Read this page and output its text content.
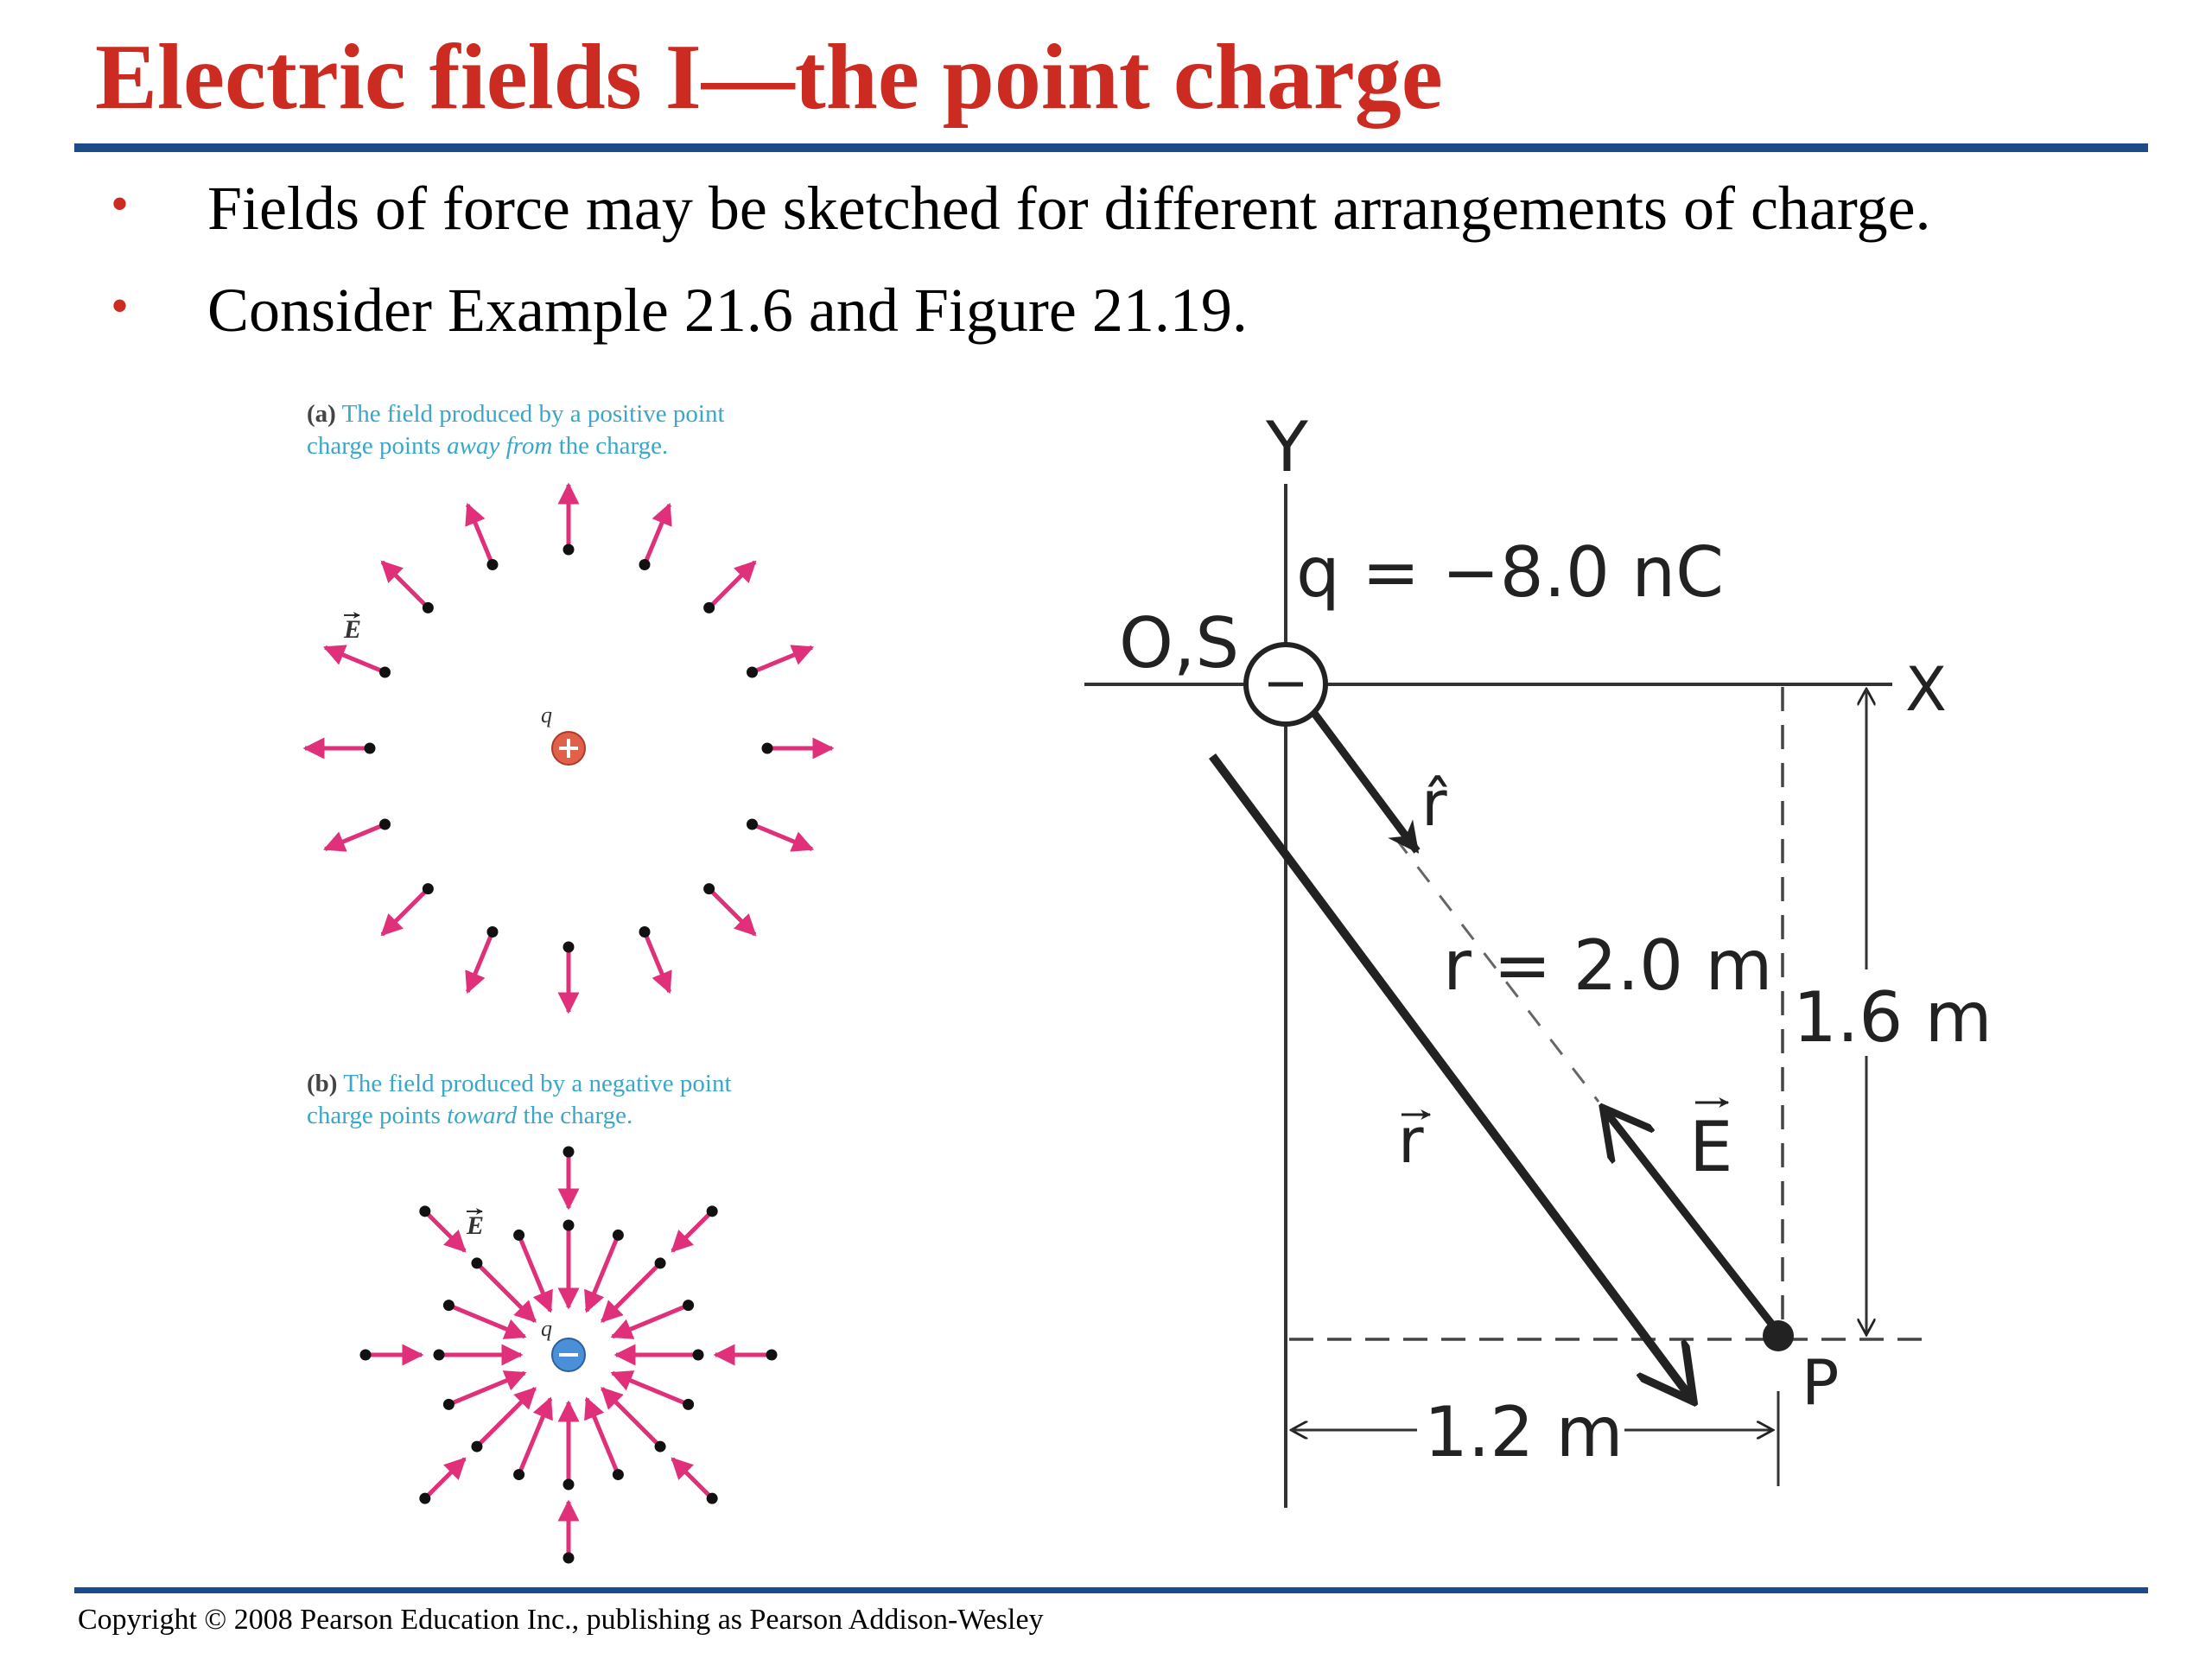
Electric fields I—the point charge
• Fields of force may be sketched for different arrangements of charge.
• Consider Example 21.6 and Figure 21.19.
(a) The field produced by a positive point
charge points away from the charge.
E
q
(b) The field produced by a negative point
charge points toward the charge.
E
q
Y
X
O,S
q = −8.0 nC
r̂
r	E
r = 2.0 m
P
1.6 m
1.2 m
Copyright © 2008 Pearson Education Inc., publishing as Pearson Addison-Wesley
